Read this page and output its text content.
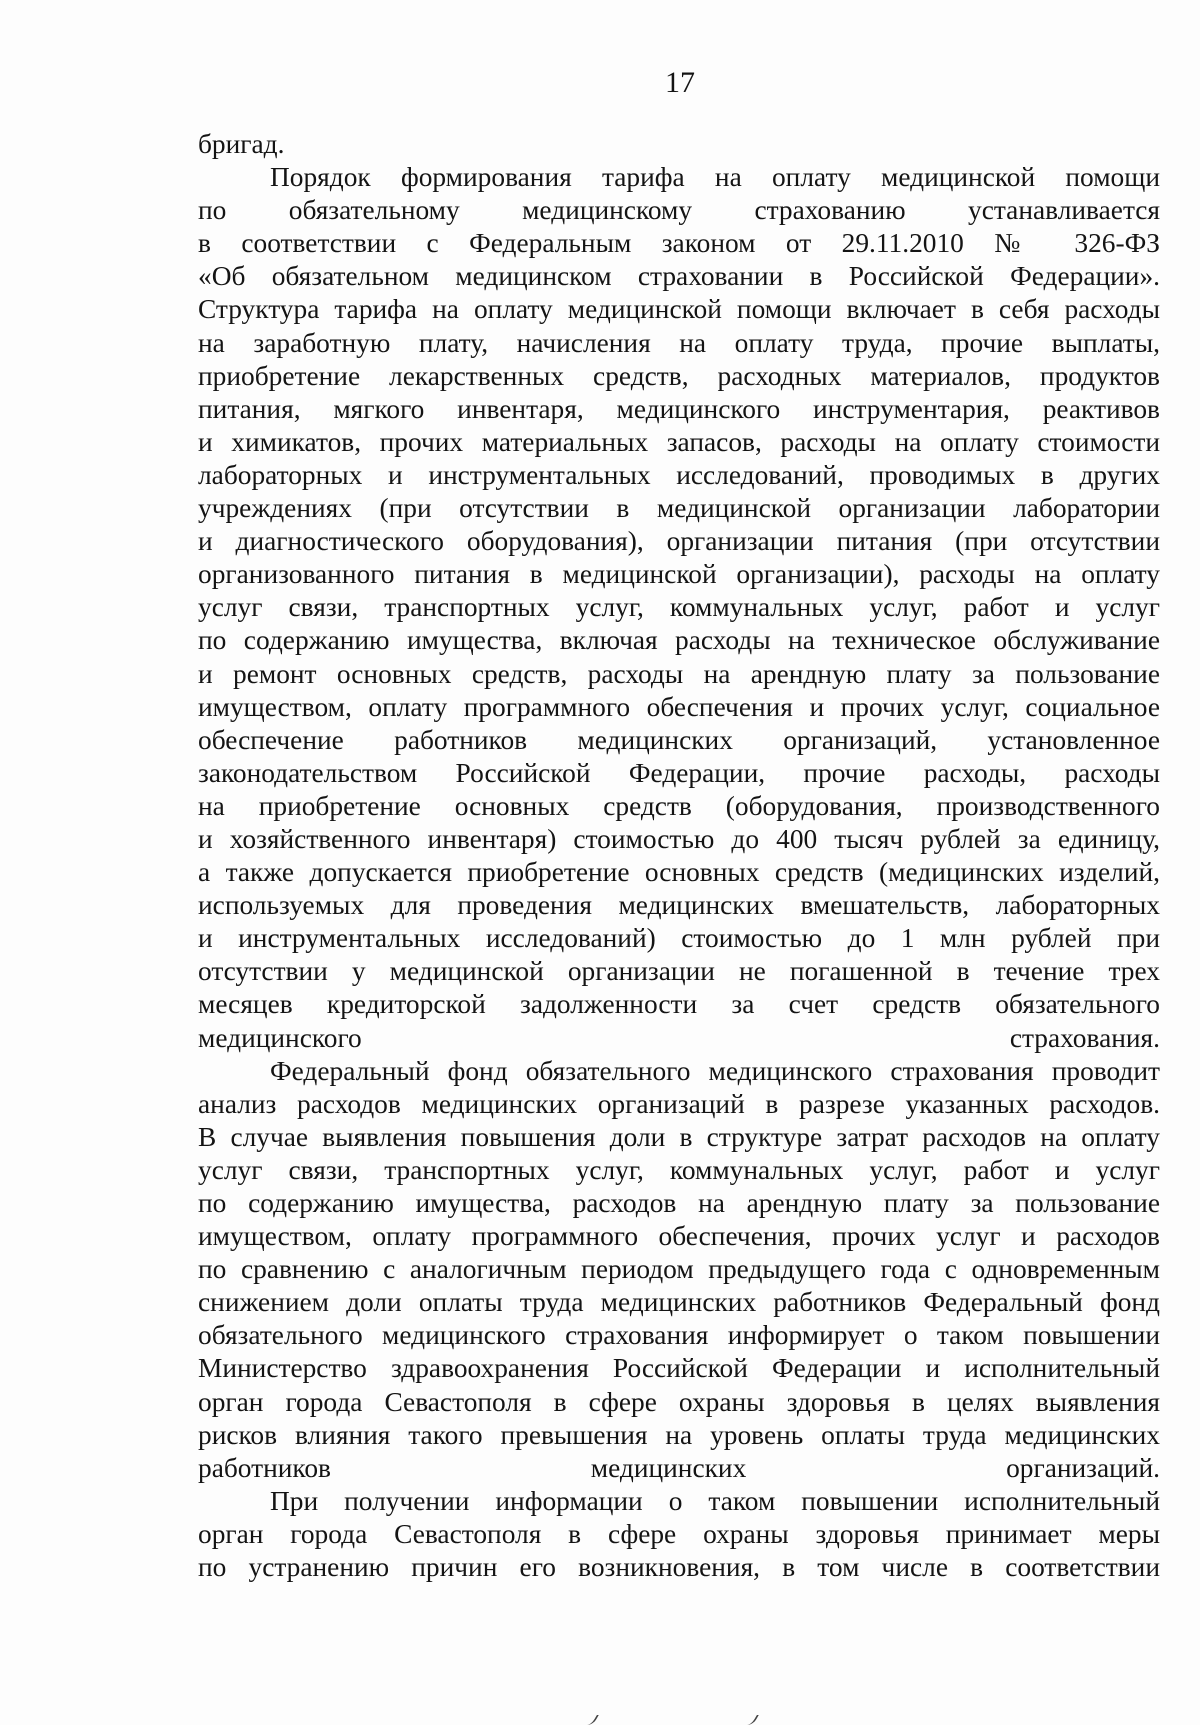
17

бригад.

Порядок формирования тарифа на оплату медицинской помощи
по обязательному медицинскому страхованию устанавливается
в соответствии с Федеральным законом от 29.11.2010 № 326-ФЗ
«Об обязательном медицинском страховании в Российской Федерации».
Структура тарифа на оплату медицинской помощи включает в себя расходы
на заработную плату, начисления на оплату труда, прочие выплаты,
приобретение лекарственных средств, расходных материалов, продуктов
питания, мягкого инвентаря, медицинского инструментария, реактивов
и химикатов, прочих материальных запасов, расходы на оплату стоимости
лабораторных и инструментальных исследований, проводимых в других
учреждениях (при отсутствии в медицинской организации лаборатории
и диагностического оборудования), организации питания (при отсутствии
организованного питания в медицинской организации), расходы на оплату
услуг связи, транспортных услуг, коммунальных услуг, работ и услуг
по содержанию имущества, включая расходы на техническое обслуживание
и ремонт основных средств, расходы на арендную плату за пользование
имуществом, оплату программного обеспечения и прочих услуг, социальное
обеспечение работников медицинских организаций, установленное
законодательством Российской Федерации, прочие расходы, расходы
на приобретение основных средств (оборудования, производственного
и хозяйственного инвентаря) стоимостью до 400 тысяч рублей за единицу,
а также допускается приобретение основных средств (медицинских изделий,
используемых для проведения медицинских вмешательств, лабораторных
и инструментальных исследований) стоимостью до 1 млн рублей при
отсутствии у медицинской организации не погашенной в течение трех
месяцев кредиторской задолженности за счет средств обязательного
медицинского страхования.

Федеральный фонд обязательного медицинского страхования проводит
анализ расходов медицинских организаций в разрезе указанных расходов.
В случае выявления повышения доли в структуре затрат расходов на оплату
услуг связи, транспортных услуг, коммунальных услуг, работ и услуг
по содержанию имущества, расходов на арендную плату за пользование
имуществом, оплату программного обеспечения, прочих услуг и расходов
по сравнению с аналогичным периодом предыдущего года с одновременным
снижением доли оплаты труда медицинских работников Федеральный фонд
обязательного медицинского страхования информирует о таком повышении
Министерство здравоохранения Российской Федерации и исполнительный
орган города Севастополя в сфере охраны здоровья в целях выявления
рисков влияния такого превышения на уровень оплаты труда медицинских
работников медицинских организаций.

При получении информации о таком повышении исполнительный
орган города Севастополя в сфере охраны здоровья принимает меры
по устранению причин его возникновения, в том числе в соответствии
